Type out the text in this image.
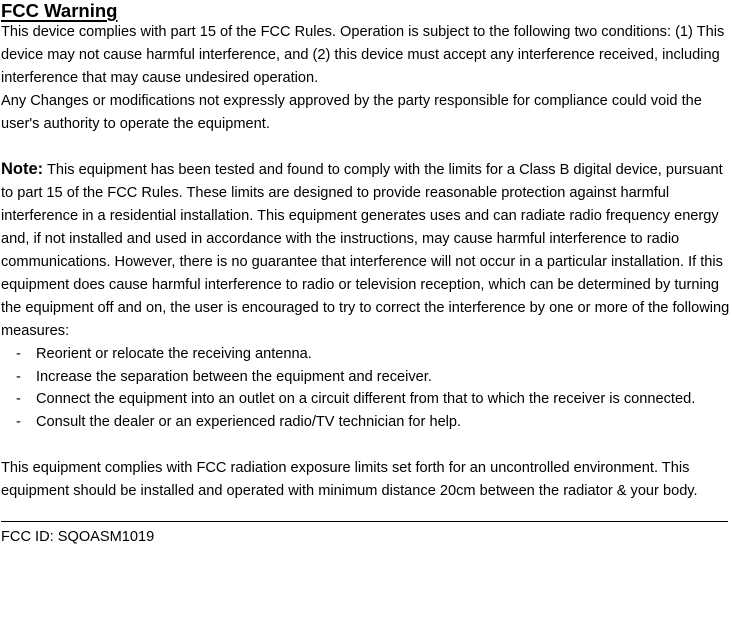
FCC Warning

This device complies with part 15 of the FCC Rules. Operation is subject to the following two conditions: (1) This device may not cause harmful interference, and (2) this device must accept any interference received, including interference that may cause undesired operation.

Any Changes or modifications not expressly approved by the party responsible for compliance could void the user's authority to operate the equipment.

Note: This equipment has been tested and found to comply with the limits for a Class B digital device, pursuant to part 15 of the FCC Rules. These limits are designed to provide reasonable protection against harmful interference in a residential installation. This equipment generates uses and can radiate radio frequency energy and, if not installed and used in accordance with the instructions, may cause harmful interference to radio communications. However, there is no guarantee that interference will not occur in a particular installation. If this equipment does cause harmful interference to radio or television reception, which can be determined by turning the equipment off and on, the user is encouraged to try to correct the interference by one or more of the following measures:

- Reorient or relocate the receiving antenna.
- Increase the separation between the equipment and receiver.
- Connect the equipment into an outlet on a circuit different from that to which the receiver is connected.
- Consult the dealer or an experienced radio/TV technician for help.

This equipment complies with FCC radiation exposure limits set forth for an uncontrolled environment. This equipment should be installed and operated with minimum distance 20cm between the radiator & your body.

FCC ID: SQOASM1019
